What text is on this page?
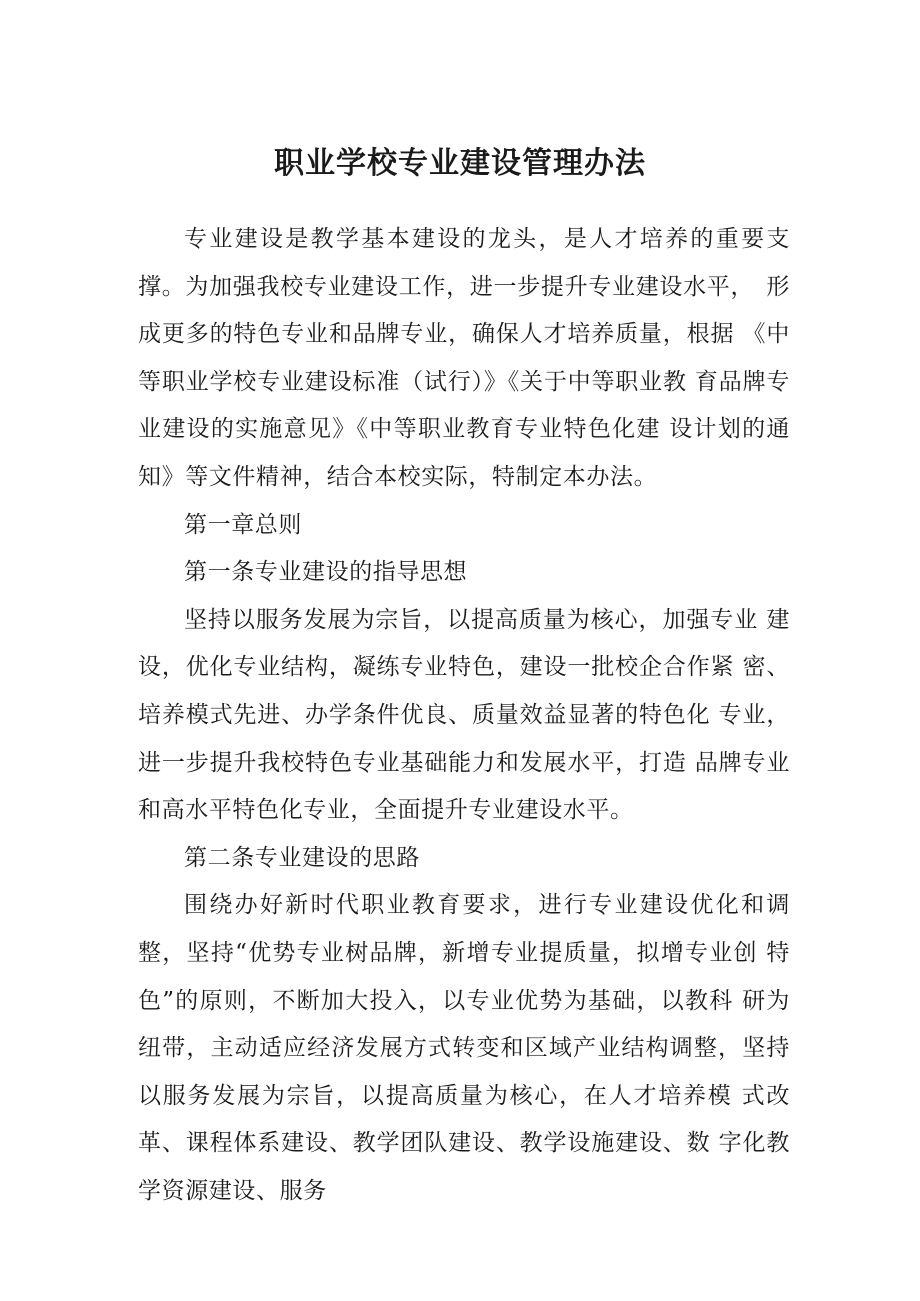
职业学校专业建设管理办法

专业建设是教学基本建设的龙头，是人才培养的重要支　撑。为加强我校专业建设工作，进一步提升专业建设水平，　形成更多的特色专业和品牌专业，确保人才培养质量，根据 《中等职业学校专业建设标准（试行）》《关于中等职业教 育品牌专业建设的实施意见》《中等职业教育专业特色化建 设计划的通知》等文件精神，结合本校实际，特制定本办法。

第一章总则

第一条专业建设的指导思想

坚持以服务发展为宗旨，以提高质量为核心，加强专业 建设，优化专业结构，凝练专业特色，建设一批校企合作紧 密、培养模式先进、办学条件优良、质量效益显著的特色化 专业，进一步提升我校特色专业基础能力和发展水平，打造 品牌专业和高水平特色化专业，全面提升专业建设水平。

第二条专业建设的思路

围绕办好新时代职业教育要求，进行专业建设优化和调　整，坚持“优势专业树品牌，新增专业提质量，拟增专业创 特色”的原则，不断加大投入，以专业优势为基础，以教科 研为纽带，主动适应经济发展方式转变和区域产业结构调整，坚持以服务发展为宗旨，以提高质量为核心，在人才培养模 式改革、课程体系建设、教学团队建设、教学设施建设、数 字化教学资源建设、服务
